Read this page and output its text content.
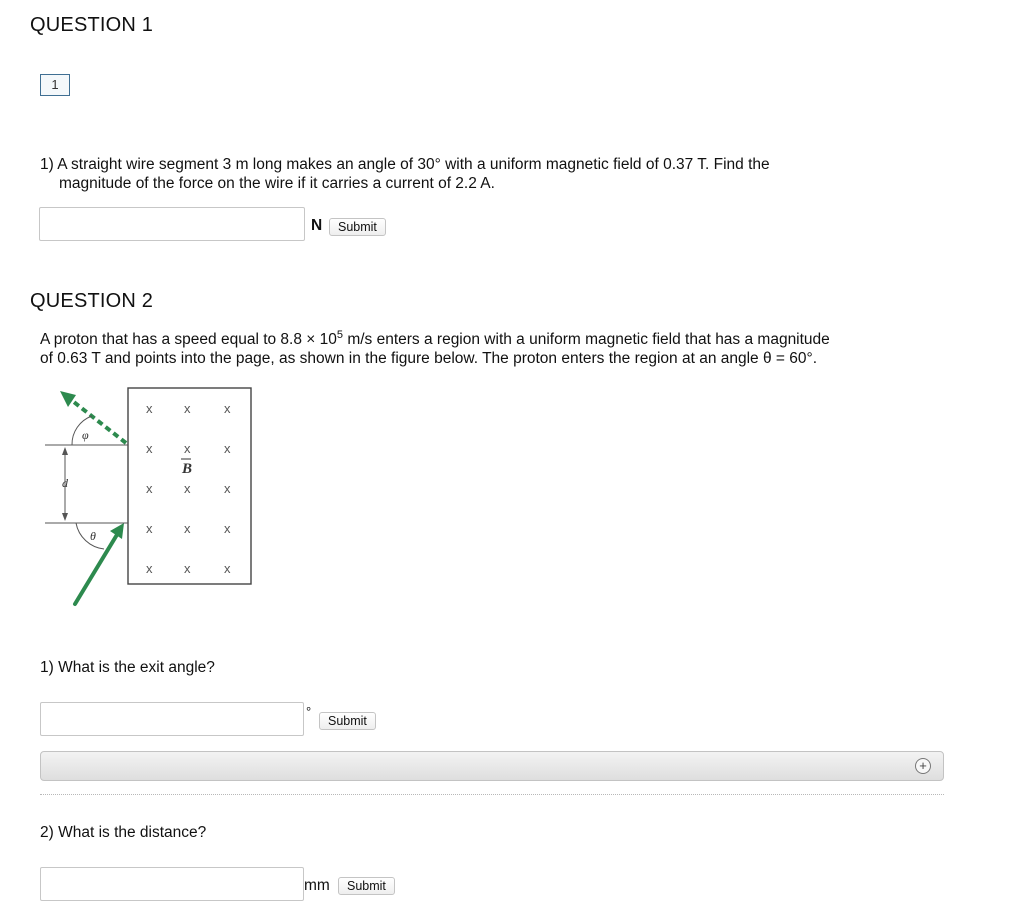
QUESTION 1
1
1) A straight wire segment 3 m long makes an angle of 30° with a uniform magnetic field of 0.37 T. Find the
magnitude of the force on the wire if it carries a current of 2.2 A.
N	Submit
QUESTION 2
A proton that has a speed equal to $8.8 \times 10^5$ m/s enters a region with a uniform magnetic field that has a magnitude
of 0.63 T and points into the page, as shown in the figure below. The proton enters the region at an angle θ = 60°.
x x	x
x x	x
x x	x
x x	x
x x	x
B
φ
θ
d
1) What is the exit angle?
°
Submit
+
2) What is the distance?
mm	Submit
